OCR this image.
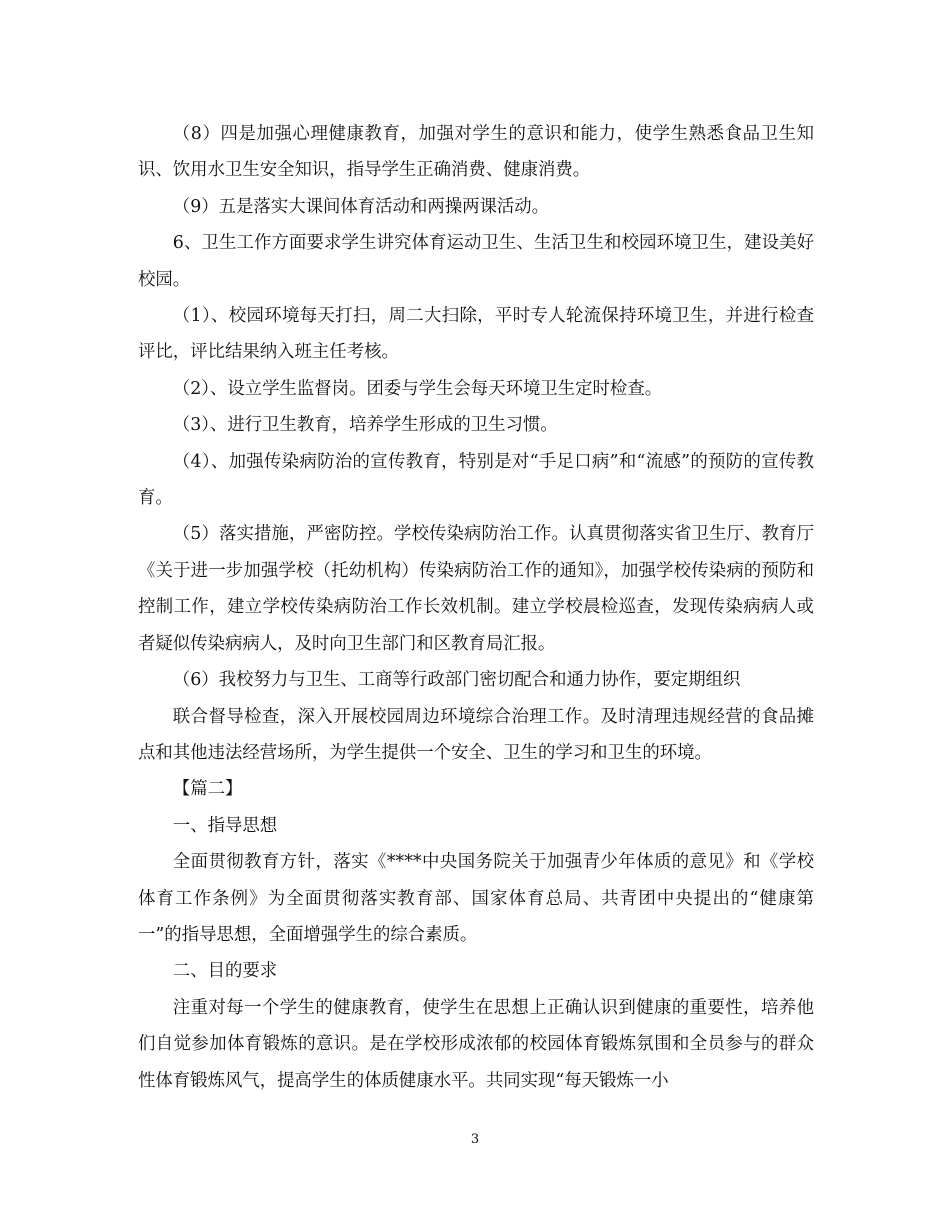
（8）四是加强心理健康教育，加强对学生的意识和能力，使学生熟悉食品卫生知识、饮用水卫生安全知识，指导学生正确消费、健康消费。

（9）五是落实大课间体育活动和两操两课活动。

6、卫生工作方面要求学生讲究体育运动卫生、生活卫生和校园环境卫生，建设美好校园。

（1）、校园环境每天打扫，周二大扫除，平时专人轮流保持环境卫生，并进行检查评比，评比结果纳入班主任考核。

（2）、设立学生监督岗。团委与学生会每天环境卫生定时检查。

（3）、进行卫生教育，培养学生形成的卫生习惯。

（4）、加强传染病防治的宣传教育，特别是对“手足口病”和“流感”的预防的宣传教育。

（5）落实措施，严密防控。学校传染病防治工作。认真贯彻落实省卫生厅、教育厅《关于进一步加强学校（托幼机构）传染病防治工作的通知》，加强学校传染病的预防和控制工作，建立学校传染病防治工作长效机制。建立学校晨检巡查，发现传染病病人或者疑似传染病病人，及时向卫生部门和区教育局汇报。

（6）我校努力与卫生、工商等行政部门密切配合和通力协作，要定期组织

联合督导检查，深入开展校园周边环境综合治理工作。及时清理违规经营的食品摊点和其他违法经营场所，为学生提供一个安全、卫生的学习和卫生的环境。

【篇二】

一、指导思想

全面贯彻教育方针，落实《****中央国务院关于加强青少年体质的意见》和《学校体育工作条例》为全面贯彻落实教育部、国家体育总局、共青团中央提出的“健康第一”的指导思想，全面增强学生的综合素质。

二、目的要求

注重对每一个学生的健康教育，使学生在思想上正确认识到健康的重要性，培养他们自觉参加体育锻炼的意识。是在学校形成浓郁的校园体育锻炼氛围和全员参与的群众性体育锻炼风气，提高学生的体质健康水平。共同实现“每天锻炼一小

3
